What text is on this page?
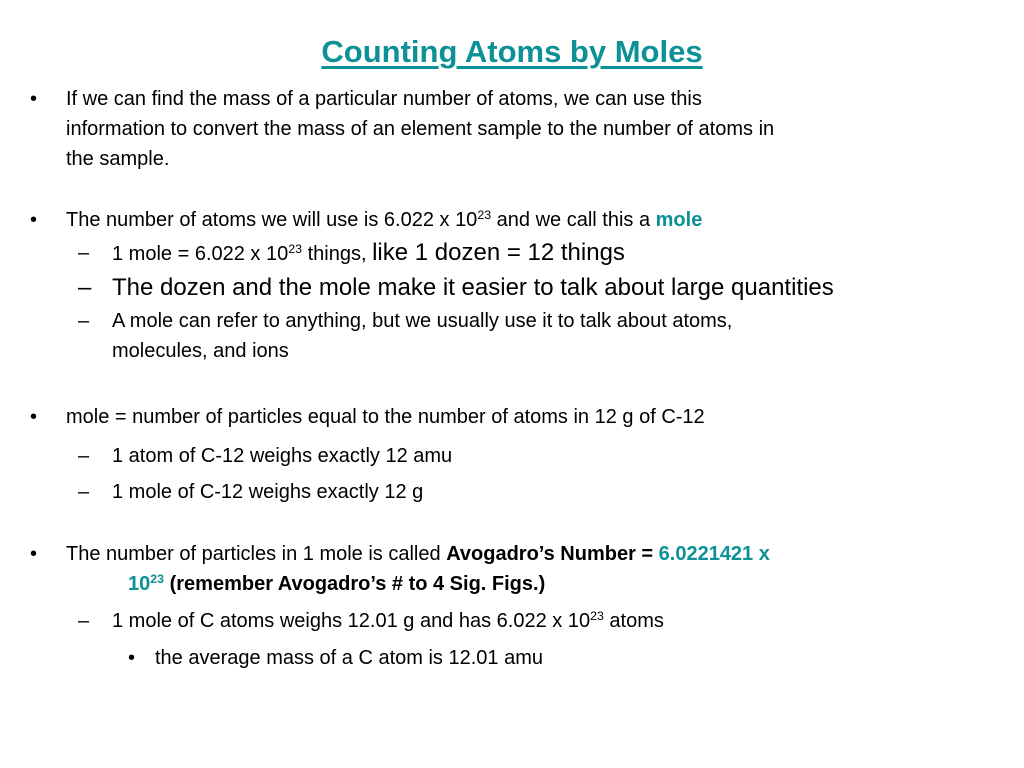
Counting Atoms by Moles
•	If we can find the mass of a particular number of atoms, we can use this
information to convert the mass of an element sample to the number of atoms in
the sample.
•	The number of atoms we will use is 6.022 x $10^{23}$ and we call this a mole
–	1 mole = 6.022 x $10^{23}$ things, like 1 dozen = 12 things
– The dozen and the mole make it easier to talk about large quantities
–	A mole can refer to anything, but we usually use it to talk about atoms,
molecules, and ions
•	mole = number of particles equal to the number of atoms in 12 g of C-12
–	1 atom of C-12 weighs exactly 12 amu
–	1 mole of C-12 weighs exactly 12 g
•	The number of particles in 1 mole is called Avogadro’s Number = 6.0221421 x
$10^{23}$ (remember Avogadro’s # to 4 Sig. Figs.)
–	1 mole of C atoms weighs 12.01 g and has 6.022 x $10^{23}$ atoms
• the average mass of a C atom is 12.01 amu
